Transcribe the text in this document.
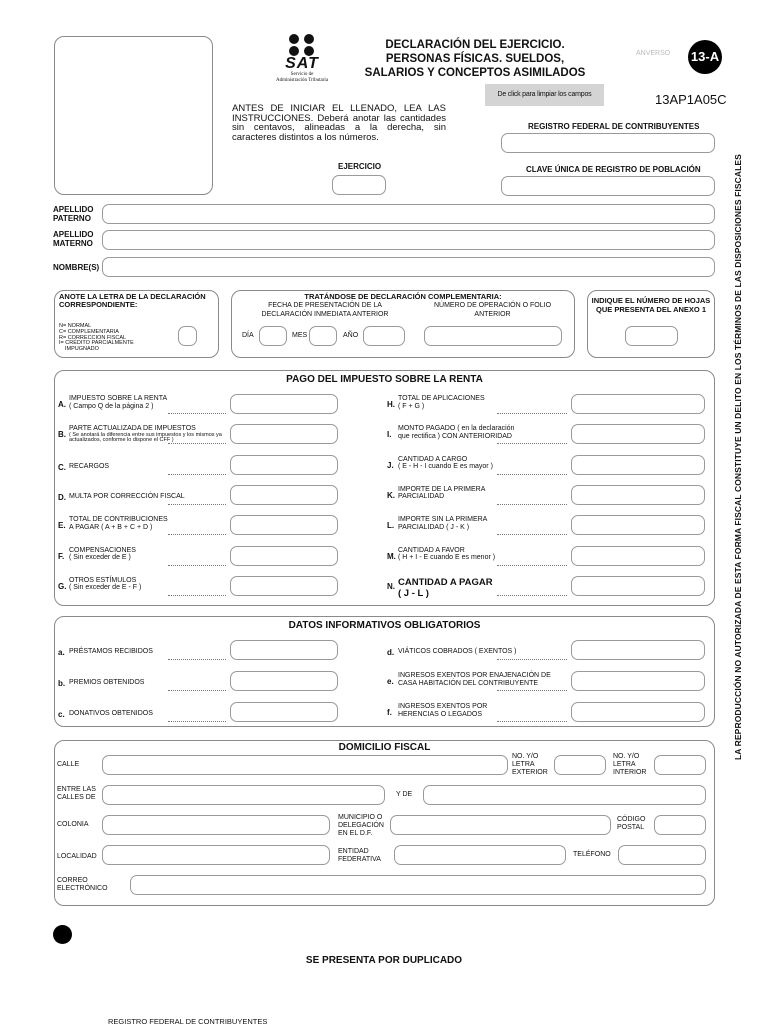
SAT
Servicio de
Administración Tributaria
DECLARACIÓN DEL EJERCICIO.
PERSONAS FÍSICAS. SUELDOS,
SALARIOS Y CONCEPTOS ASIMILADOS
ANVERSO 13-A
13AP1A05C
De click para limpiar los campos
ANTES DE INICIAR EL LLENADO, LEA LAS INSTRUCCIONES. Deberá anotar las cantidades sin centavos, alineadas a la derecha, sin caracteres distintos a los números.
EJERCICIO
REGISTRO FEDERAL DE CONTRIBUYENTES
CLAVE ÚNICA DE REGISTRO DE POBLACIÓN
APELLIDO
PATERNO
APELLIDO
MATERNO
NOMBRE(S)
ANOTE LA LETRA DE LA DECLARACIÓN
CORRESPONDIENTE:
N= NORMAL
C= COMPLEMENTARIA
R= CORRECCION FISCAL
I= CRÉDITO PARCIALMENTE
IMPUGNADO
TRATÁNDOSE DE DECLARACIÓN COMPLEMENTARIA:
FECHA DE PRESENTACIÓN DE LA
DECLARACIÓN INMEDIATA ANTERIOR
NÚMERO DE OPERACIÓN O FOLIO
ANTERIOR
DÍA	MES	AÑO
INDIQUE EL NÚMERO DE HOJAS
QUE PRESENTA DEL ANEXO 1
PAGO DEL IMPUESTO SOBRE LA RENTA
A.
IMPUESTO SOBRE LA RENTA
( Campo Q de la página 2 )
B.
PARTE ACTUALIZADA DE IMPUESTOS
( Se anotará la diferencia entre sus impuestos y los mismos ya actualizados, conforme lo dispone el CFF )
C. RECARGOS
D. MULTA POR CORRECCIÓN FISCAL
E.
TOTAL DE CONTRIBUCIONES
A PAGAR ( A + B + C + D )
F.
COMPENSACIONES
( Sin exceder de E )
G.
OTROS ESTÍMULOS
( Sin exceder de E - F )
H.
TOTAL DE APLICACIONES
( F + G )
I.
MONTO PAGADO ( en la declaración
que rectifica ) CON ANTERIORIDAD
J.
CANTIDAD A CARGO
( E - H - I cuando E es mayor )
K.
IMPORTE DE LA PRIMERA
PARCIALIDAD
L.
IMPORTE SIN LA PRIMERA
PARCIALIDAD ( J - K )
M.
CANTIDAD A FAVOR
( H + I - E cuando E es menor )
N. CANTIDAD A PAGAR
( J - L )
DATOS INFORMATIVOS OBLIGATORIOS
a. PRÉSTAMOS RECIBIDOS
b. PREMIOS OBTENIDOS
c. DONATIVOS OBTENIDOS
d. VIÁTICOS COBRADOS ( EXENTOS )
e.
INGRESOS EXENTOS POR ENAJENACIÓN DE
CASA HABITACIÓN DEL CONTRIBUYENTE
f.
INGRESOS EXENTOS POR
HERENCIAS O LEGADOS
DOMICILIO FISCAL
CALLE
NO. Y/O
LETRA
EXTERIOR
NO. Y/O
LETRA
INTERIOR
ENTRE LAS
CALLES DE	Y DE
COLONIA
MUNICIPIO O
DELEGACIÓN
EN EL D.F.
CÓDIGO
POSTAL
LOCALIDAD
ENTIDAD
FEDERATIVA
TELÉFONO
CORREO
ELECTRÓNICO
SE PRESENTA POR DUPLICADO
REGISTRO FEDERAL DE CONTRIBUYENTES
LA REPRODUCCIÓN NO AUTORIZADA DE ESTA FORMA FISCAL CONSTITUYE UN DELITO EN LOS TÉRMINOS DE LAS DISPOSICIONES FISCALES
